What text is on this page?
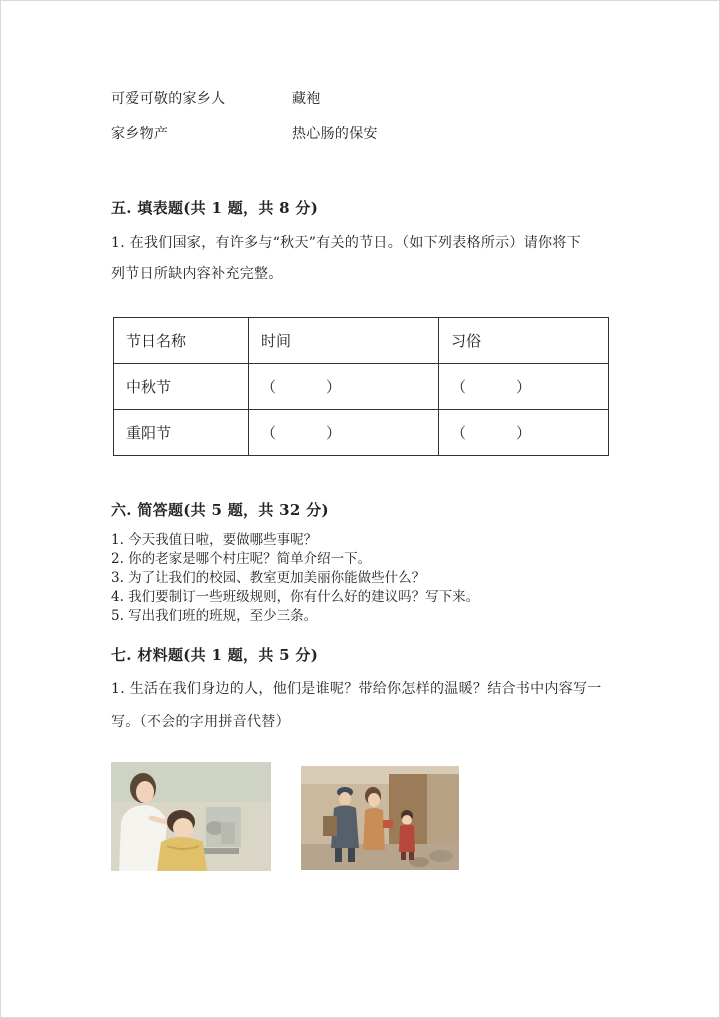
可爱可敬的家乡人	藏袍
家乡物产	热心肠的保安
五. 填表题(共 1 题，共 8 分)
1. 在我们国家，有许多与“秋天”有关的节日。（如下列表格所示）请你将下
列节日所缺内容补充完整。
节日名称	时间	习俗
中秋节	（ ）	（ ）

重阳节	（ ）	（ ）
六. 简答题(共 5 题，共 32 分)
1. 今天我值日啦，要做哪些事呢？
2. 你的老家是哪个村庄呢？简单介绍一下。
3. 为了让我们的校园、教室更加美丽你能做些什么？
4. 我们要制订一些班级规则，你有什么好的建议吗？写下来。
5. 写出我们班的班规，至少三条。
七. 材料题(共 1 题，共 5 分)
1. 生活在我们身边的人，他们是谁呢？带给你怎样的温暖？结合书中内容写一
写。（不会的字用拼音代替）
